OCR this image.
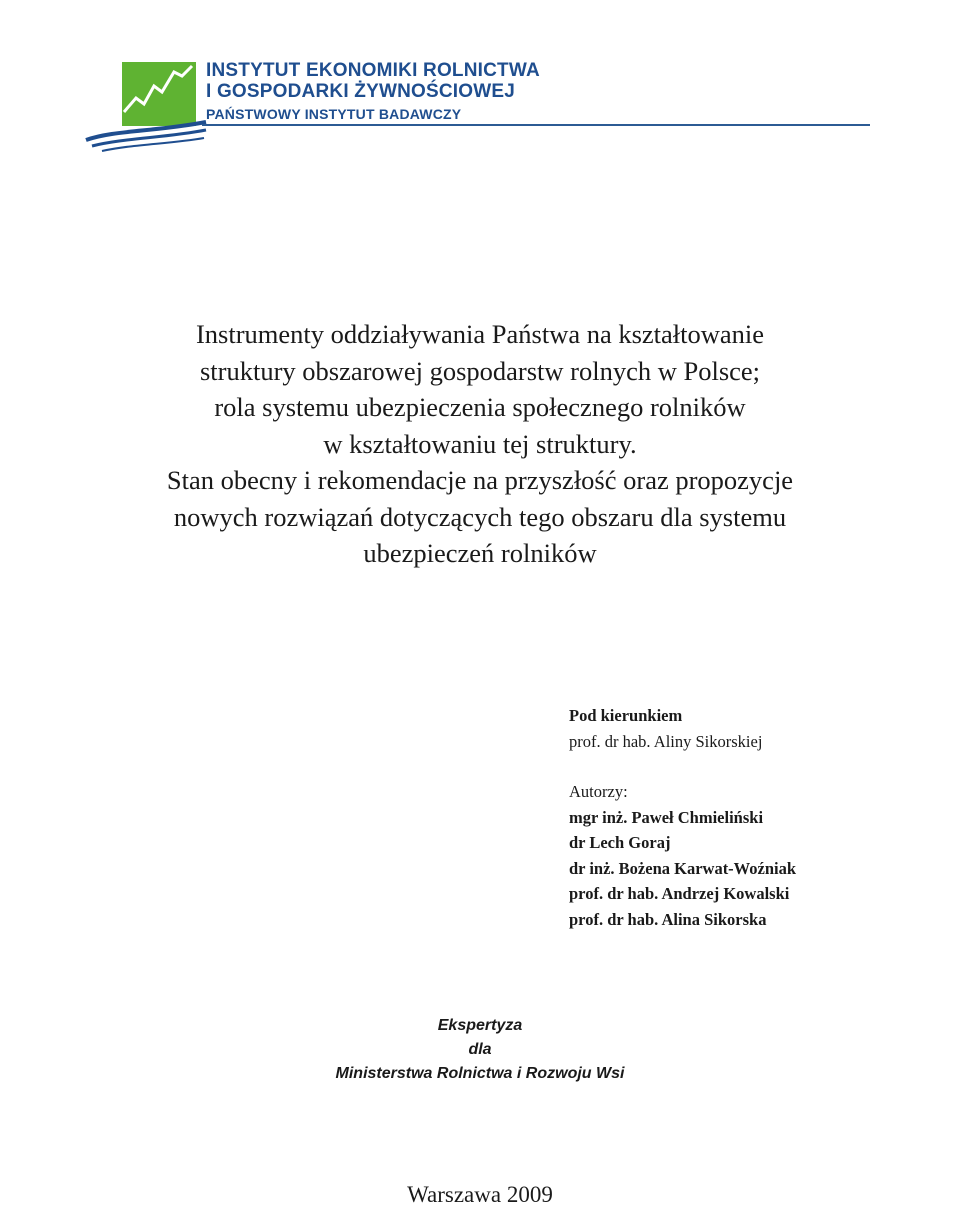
INSTYTUT EKONOMIKI ROLNICTWA
I GOSPODARKI ŻYWNOŚCIOWEJ
PAŃSTWOWY INSTYTUT BADAWCZY
Instrumenty oddziaływania Państwa na kształtowanie
struktury obszarowej gospodarstw rolnych w Polsce;
rola systemu ubezpieczenia społecznego rolników
w kształtowaniu tej struktury.
Stan obecny i rekomendacje na przyszłość oraz propozycje
nowych rozwiązań dotyczących tego obszaru dla systemu
ubezpieczeń rolników
Pod kierunkiem
prof. dr hab. Aliny Sikorskiej
Autorzy:
mgr inż. Paweł Chmieliński
dr Lech Goraj
dr inż. Bożena Karwat-Woźniak
prof. dr hab. Andrzej Kowalski
prof. dr hab. Alina Sikorska
Ekspertyza
dla
Ministerstwa Rolnictwa i Rozwoju Wsi
Warszawa 2009
